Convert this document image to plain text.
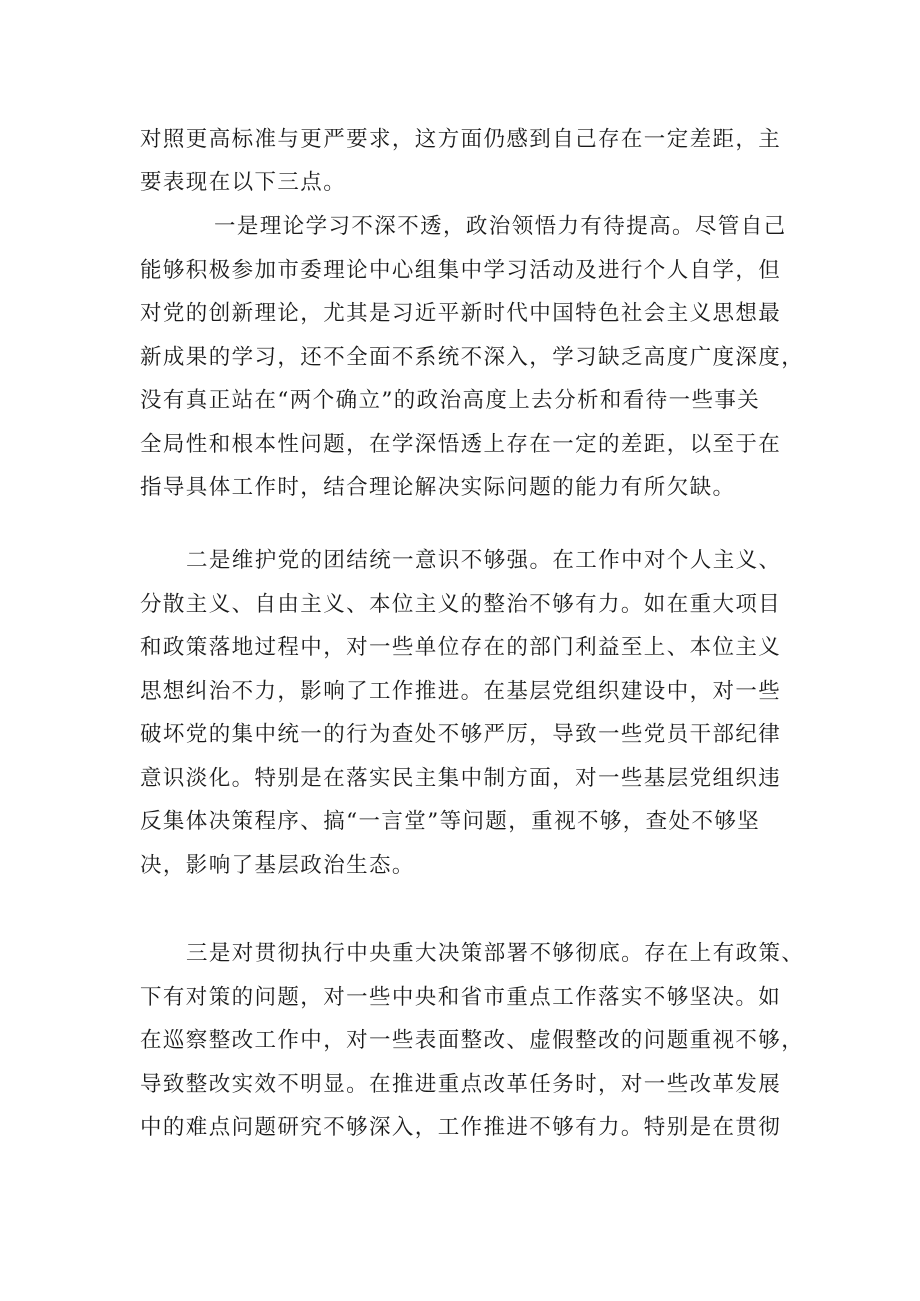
对照更高标准与更严要求，这方面仍感到自己存在一定差距，主
要表现在以下三点。
一是理论学习不深不透，政治领悟力有待提高。尽管自己
能够积极参加市委理论中心组集中学习活动及进行个人自学，但
对党的创新理论，尤其是习近平新时代中国特色社会主义思想最
新成果的学习，还不全面不系统不深入，学习缺乏高度广度深度，
没有真正站在“两个确立”的政治高度上去分析和看待一些事关
全局性和根本性问题，在学深悟透上存在一定的差距，以至于在
指导具体工作时，结合理论解决实际问题的能力有所欠缺。
二是维护党的团结统一意识不够强。在工作中对个人主义、
分散主义、自由主义、本位主义的整治不够有力。如在重大项目
和政策落地过程中，对一些单位存在的部门利益至上、本位主义
思想纠治不力，影响了工作推进。在基层党组织建设中，对一些
破坏党的集中统一的行为查处不够严厉，导致一些党员干部纪律
意识淡化。特别是在落实民主集中制方面，对一些基层党组织违
反集体决策程序、搞“一言堂”等问题，重视不够，查处不够坚
决，影响了基层政治生态。
三是对贯彻执行中央重大决策部署不够彻底。存在上有政策、
下有对策的问题，对一些中央和省市重点工作落实不够坚决。如
在巡察整改工作中，对一些表面整改、虚假整改的问题重视不够，
导致整改实效不明显。在推进重点改革任务时，对一些改革发展
中的难点问题研究不够深入，工作推进不够有力。特别是在贯彻
